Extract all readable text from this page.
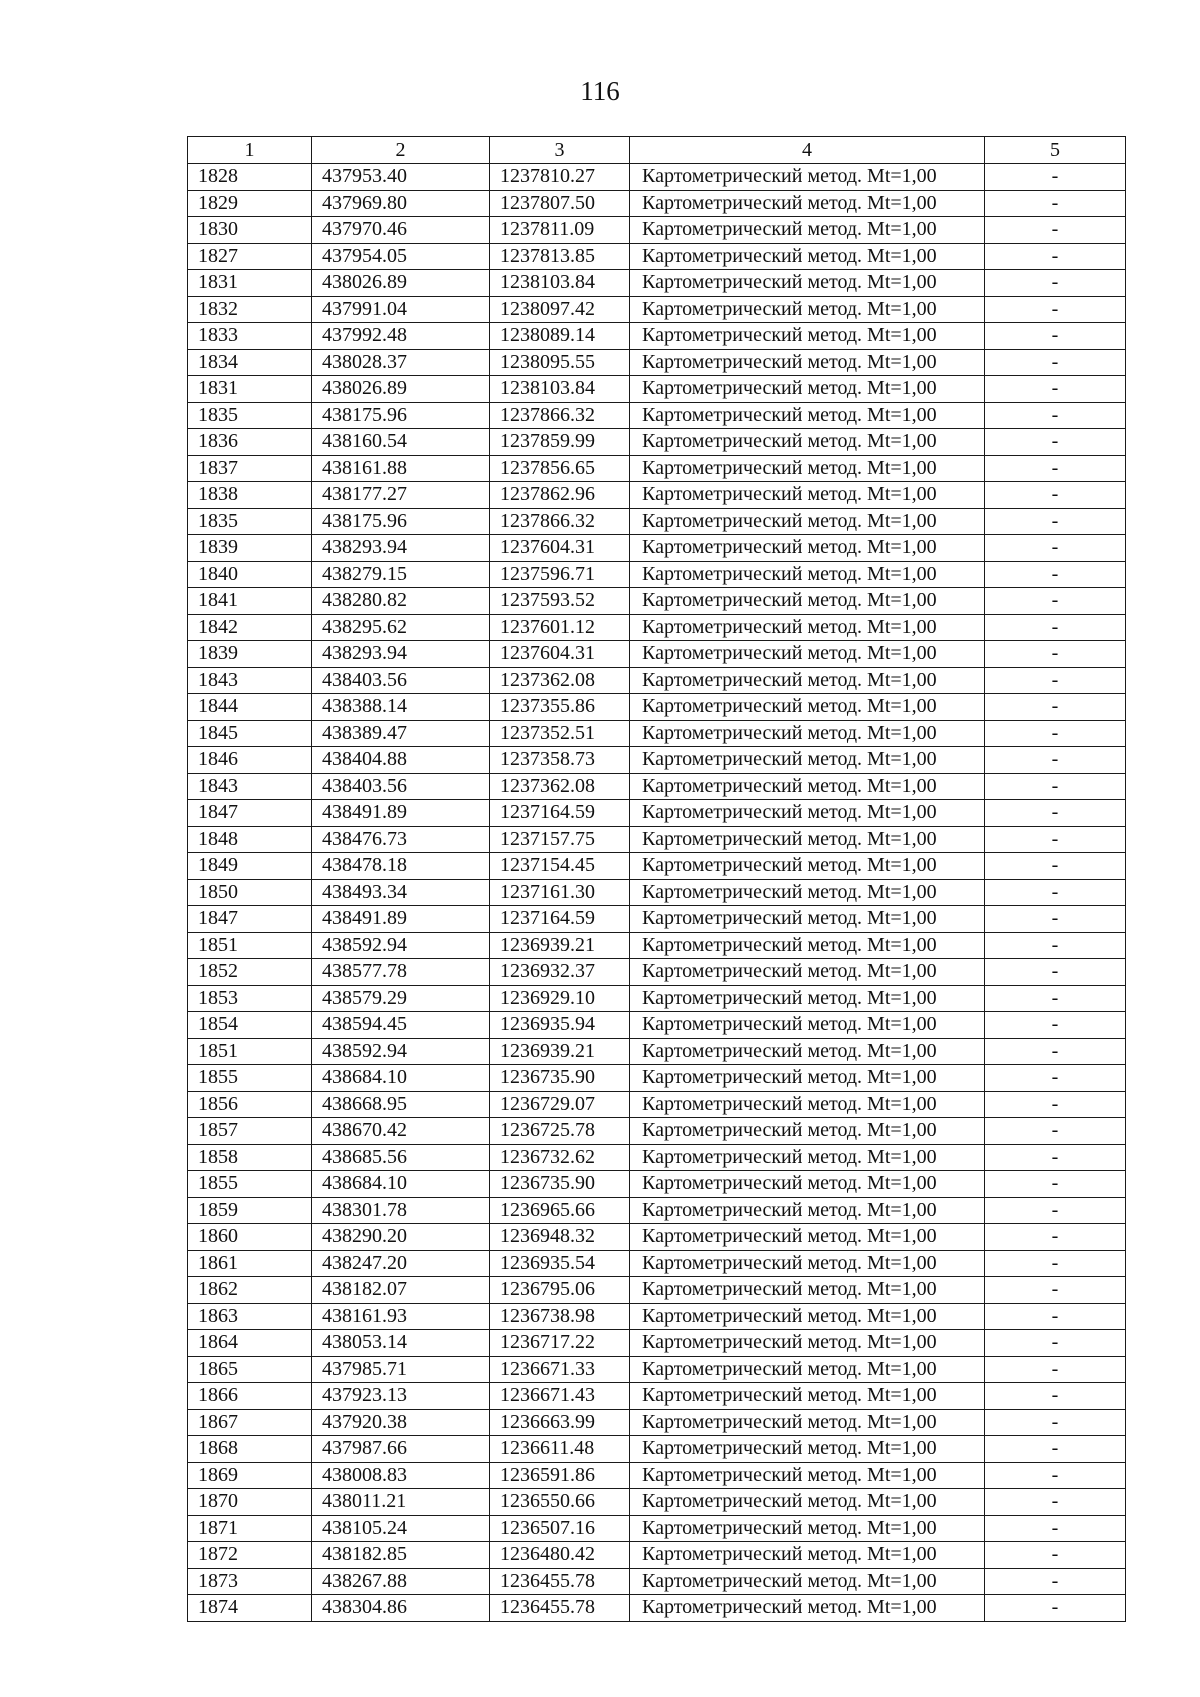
116
1	2	3	4	5
1828	437953.40	1237810.27	Картометрический метод. Mt=1,00	-
1829	437969.80	1237807.50	Картометрический метод. Mt=1,00	-
1830	437970.46	1237811.09	Картометрический метод. Mt=1,00	-
1827	437954.05	1237813.85	Картометрический метод. Mt=1,00	-
1831	438026.89	1238103.84	Картометрический метод. Mt=1,00	-
1832	437991.04	1238097.42	Картометрический метод. Mt=1,00	-
1833	437992.48	1238089.14	Картометрический метод. Mt=1,00	-
1834	438028.37	1238095.55	Картометрический метод. Mt=1,00	-
1831	438026.89	1238103.84	Картометрический метод. Mt=1,00	-
1835	438175.96	1237866.32	Картометрический метод. Mt=1,00	-
1836	438160.54	1237859.99	Картометрический метод. Mt=1,00	-
1837	438161.88	1237856.65	Картометрический метод. Mt=1,00	-
1838	438177.27	1237862.96	Картометрический метод. Mt=1,00	-
1835	438175.96	1237866.32	Картометрический метод. Mt=1,00	-
1839	438293.94	1237604.31	Картометрический метод. Mt=1,00	-
1840	438279.15	1237596.71	Картометрический метод. Mt=1,00	-
1841	438280.82	1237593.52	Картометрический метод. Mt=1,00	-
1842	438295.62	1237601.12	Картометрический метод. Mt=1,00	-
1839	438293.94	1237604.31	Картометрический метод. Mt=1,00	-
1843	438403.56	1237362.08	Картометрический метод. Mt=1,00	-
1844	438388.14	1237355.86	Картометрический метод. Mt=1,00	-
1845	438389.47	1237352.51	Картометрический метод. Mt=1,00	-
1846	438404.88	1237358.73	Картометрический метод. Mt=1,00	-
1843	438403.56	1237362.08	Картометрический метод. Mt=1,00	-
1847	438491.89	1237164.59	Картометрический метод. Mt=1,00	-
1848	438476.73	1237157.75	Картометрический метод. Mt=1,00	-
1849	438478.18	1237154.45	Картометрический метод. Mt=1,00	-
1850	438493.34	1237161.30	Картометрический метод. Mt=1,00	-
1847	438491.89	1237164.59	Картометрический метод. Mt=1,00	-
1851	438592.94	1236939.21	Картометрический метод. Mt=1,00	-
1852	438577.78	1236932.37	Картометрический метод. Mt=1,00	-
1853	438579.29	1236929.10	Картометрический метод. Mt=1,00	-
1854	438594.45	1236935.94	Картометрический метод. Mt=1,00	-
1851	438592.94	1236939.21	Картометрический метод. Mt=1,00	-
1855	438684.10	1236735.90	Картометрический метод. Mt=1,00	-
1856	438668.95	1236729.07	Картометрический метод. Mt=1,00	-
1857	438670.42	1236725.78	Картометрический метод. Mt=1,00	-
1858	438685.56	1236732.62	Картометрический метод. Mt=1,00	-
1855	438684.10	1236735.90	Картометрический метод. Mt=1,00	-
1859	438301.78	1236965.66	Картометрический метод. Mt=1,00	-
1860	438290.20	1236948.32	Картометрический метод. Mt=1,00	-
1861	438247.20	1236935.54	Картометрический метод. Mt=1,00	-
1862	438182.07	1236795.06	Картометрический метод. Mt=1,00	-
1863	438161.93	1236738.98	Картометрический метод. Mt=1,00	-
1864	438053.14	1236717.22	Картометрический метод. Mt=1,00	-
1865	437985.71	1236671.33	Картометрический метод. Mt=1,00	-
1866	437923.13	1236671.43	Картометрический метод. Mt=1,00	-
1867	437920.38	1236663.99	Картометрический метод. Mt=1,00	-
1868	437987.66	1236611.48	Картометрический метод. Mt=1,00	-
1869	438008.83	1236591.86	Картометрический метод. Mt=1,00	-
1870	438011.21	1236550.66	Картометрический метод. Mt=1,00	-
1871	438105.24	1236507.16	Картометрический метод. Mt=1,00	-
1872	438182.85	1236480.42	Картометрический метод. Mt=1,00	-
1873	438267.88	1236455.78	Картометрический метод. Mt=1,00	-
1874	438304.86	1236455.78	Картометрический метод. Mt=1,00	-
